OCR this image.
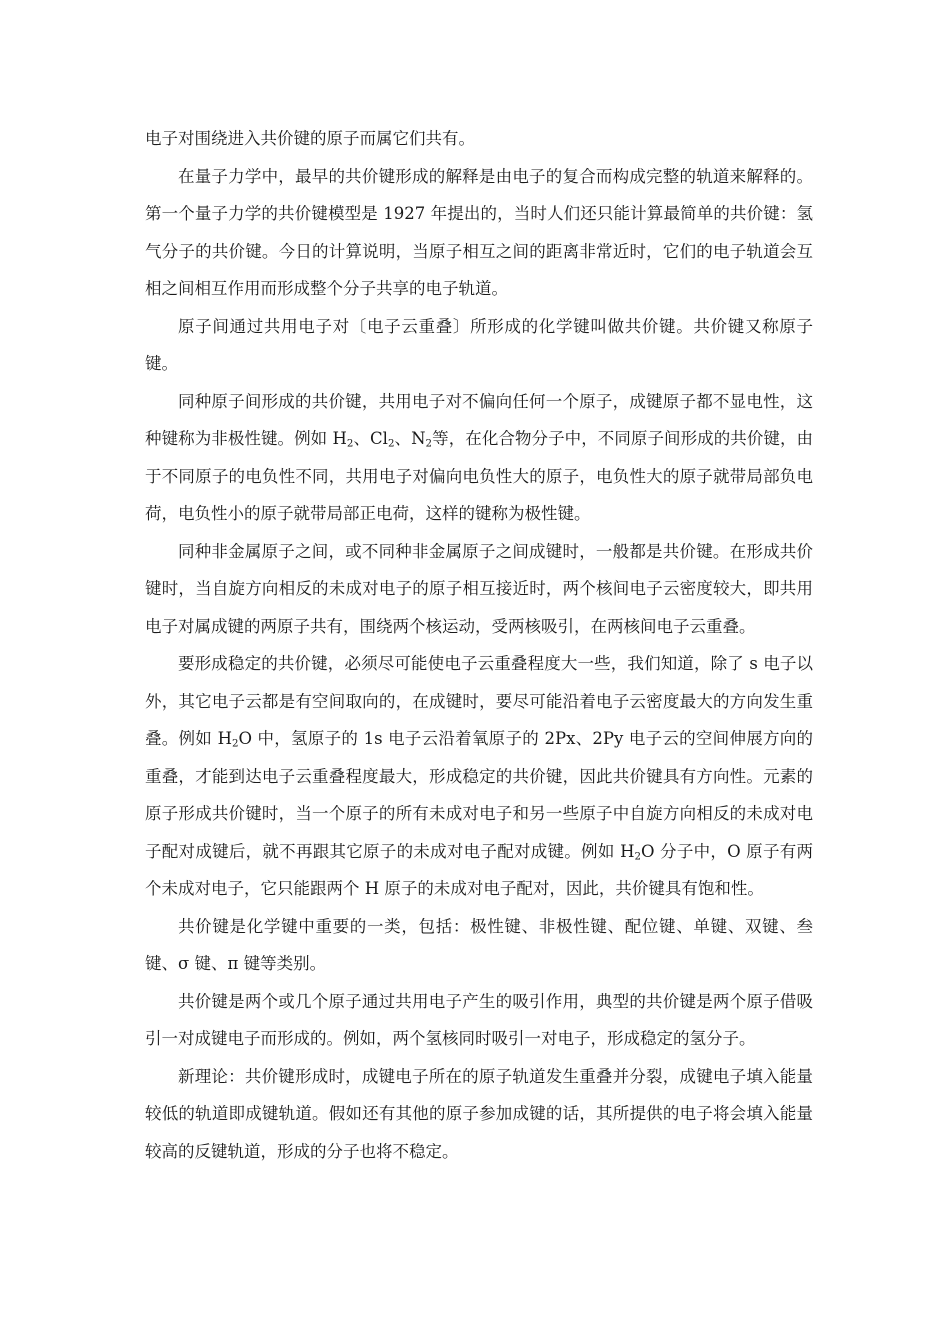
电子对围绕进入共价键的原子而属它们共有。

在量子力学中，最早的共价键形成的解释是由电子的复合而构成完整的轨道来解释的。第一个量子力学的共价键模型是 1927 年提出的，当时人们还只能计算最简单的共价键：氢气分子的共价键。今日的计算说明，当原子相互之间的距离非常近时，它们的电子轨道会互相之间相互作用而形成整个分子共享的电子轨道。

原子间通过共用电子对〔电子云重叠〕所形成的化学键叫做共价键。共价键又称原子键。

同种原子间形成的共价键，共用电子对不偏向任何一个原子，成键原子都不显电性，这种键称为非极性键。例如 $H_2$、$Cl_2$、$N_2$等，在化合物分子中，不同原子间形成的共价键，由于不同原子的电负性不同，共用电子对偏向电负性大的原子，电负性大的原子就带局部负电荷，电负性小的原子就带局部正电荷，这样的键称为极性键。

同种非金属原子之间，或不同种非金属原子之间成键时，一般都是共价键。在形成共价键时，当自旋方向相反的未成对电子的原子相互接近时，两个核间电子云密度较大，即共用电子对属成键的两原子共有，围绕两个核运动，受两核吸引，在两核间电子云重叠。

要形成稳定的共价键，必须尽可能使电子云重叠程度大一些，我们知道，除了 s 电子以外，其它电子云都是有空间取向的，在成键时，要尽可能沿着电子云密度最大的方向发生重叠。例如 $H_2O$ 中，氢原子的 1s 电子云沿着氧原子的 2Px、2Py 电子云的空间伸展方向的重叠，才能到达电子云重叠程度最大，形成稳定的共价键，因此共价键具有方向性。元素的原子形成共价键时，当一个原子的所有未成对电子和另一些原子中自旋方向相反的未成对电子配对成键后，就不再跟其它原子的未成对电子配对成键。例如 $H_2O$ 分子中，O 原子有两个未成对电子，它只能跟两个 H 原子的未成对电子配对，因此，共价键具有饱和性。

共价键是化学键中重要的一类，包括：极性键、非极性键、配位键、单键、双键、叁键、σ 键、π 键等类别。

共价键是两个或几个原子通过共用电子产生的吸引作用，典型的共价键是两个原子借吸引一对成键电子而形成的。例如，两个氢核同时吸引一对电子，形成稳定的氢分子。

新理论：共价键形成时，成键电子所在的原子轨道发生重叠并分裂，成键电子填入能量较低的轨道即成键轨道。假如还有其他的原子参加成键的话，其所提供的电子将会填入能量较高的反键轨道，形成的分子也将不稳定。
